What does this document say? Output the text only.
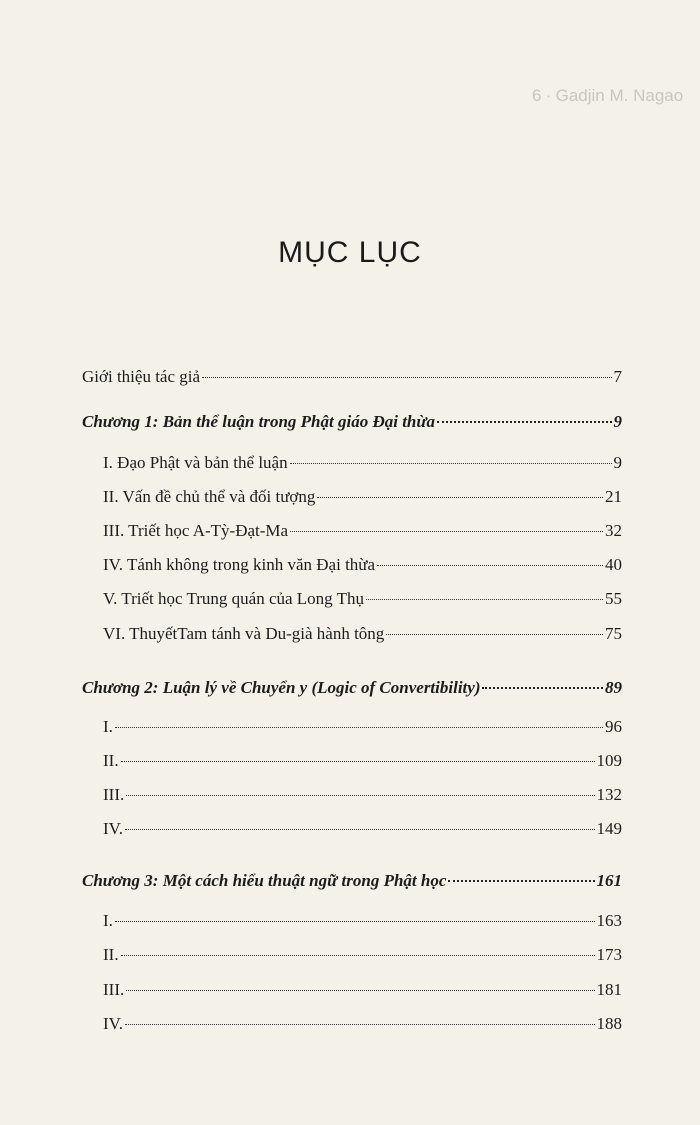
6 ∙ Gadjin M. Nagao
MỤC LỤC
Giới thiệu tác giả	7
Chương 1: Bản thể luận trong Phật giáo Đại thừa	9
I. Đạo Phật và bản thể luận	9
II. Vấn đề chủ thể và đối tượng	21
III. Triết học A-Tỳ-Đạt-Ma	32
IV. Tánh không trong kinh văn Đại thừa	40
V. Triết học Trung quán của Long Thụ	55
VI. ThuyếtTam tánh và Du-già hành tông	75
Chương 2: Luận lý về Chuyển y (Logic of Convertibility)	89
I.	96
II.	109
III.	132
IV.	149
Chương 3: Một cách hiểu thuật ngữ trong Phật học	161
I.	163
II.	173
III.	181
IV.	188
